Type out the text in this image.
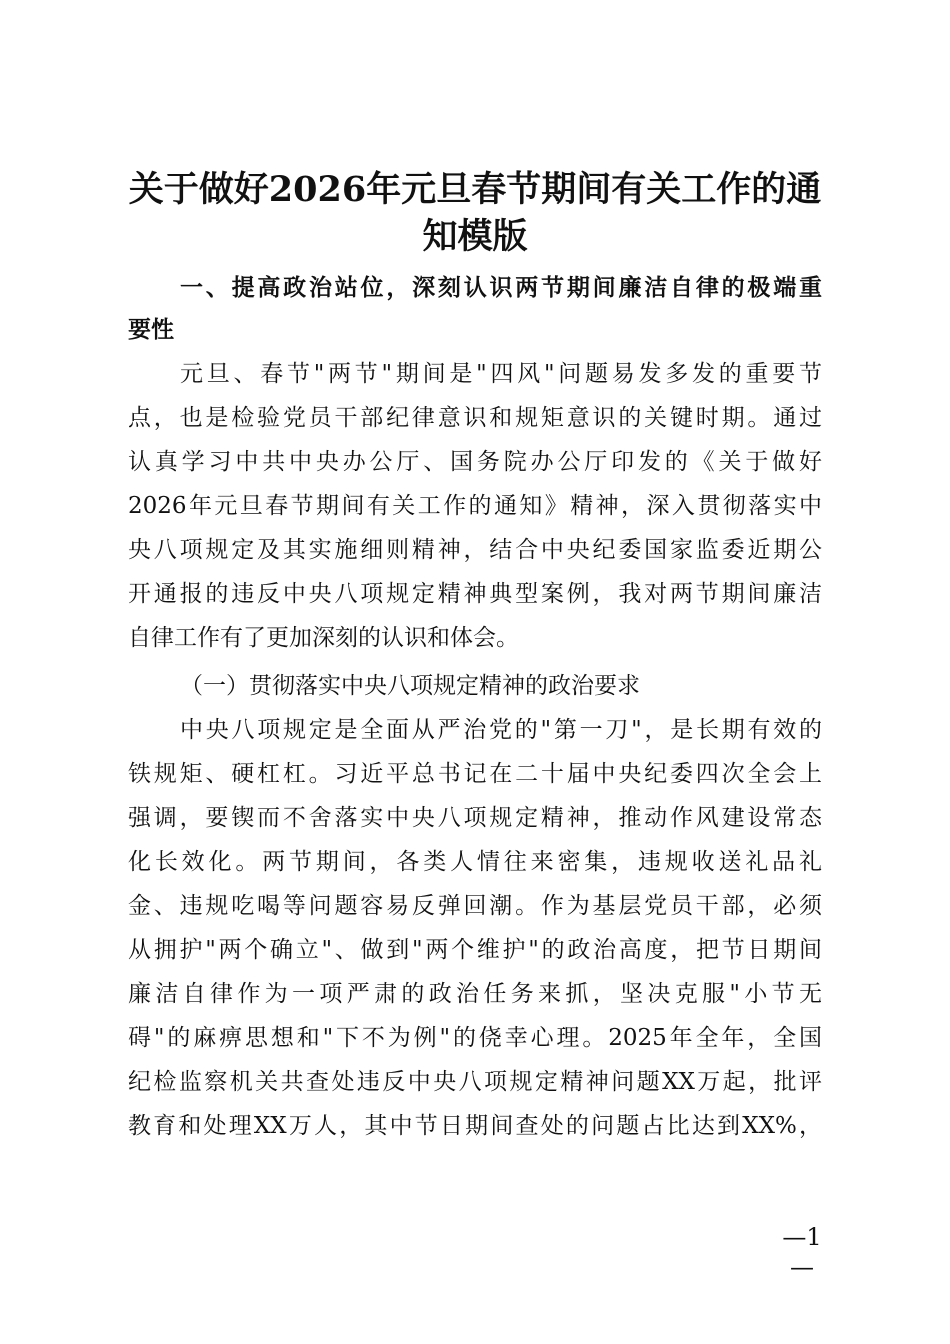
关于做好2026年元旦春节期间有关工作的通
知模版

一、提高政治站位，深刻认识两节期间廉洁自律的极端重

要性

元旦、春节"两节"期间是"四风"问题易发多发的重要节

点，也是检验党员干部纪律意识和规矩意识的关键时期。通过

认真学习中共中央办公厅、国务院办公厅印发的《关于做好

2026年元旦春节期间有关工作的通知》精神，深入贯彻落实中

央八项规定及其实施细则精神，结合中央纪委国家监委近期公

开通报的违反中央八项规定精神典型案例，我对两节期间廉洁

自律工作有了更加深刻的认识和体会。

（一）贯彻落实中央八项规定精神的政治要求

中央八项规定是全面从严治党的"第一刀"，是长期有效的

铁规矩、硬杠杠。习近平总书记在二十届中央纪委四次全会上

强调，要锲而不舍落实中央八项规定精神，推动作风建设常态

化长效化。两节期间，各类人情往来密集，违规收送礼品礼

金、违规吃喝等问题容易反弹回潮。作为基层党员干部，必须

从拥护"两个确立"、做到"两个维护"的政治高度，把节日期间

廉洁自律作为一项严肃的政治任务来抓，坚决克服"小节无

碍"的麻痹思想和"下不为例"的侥幸心理。2025年全年，全国

纪检监察机关共查处违反中央八项规定精神问题XX万起，批评

教育和处理XX万人，其中节日期间查处的问题占比达到XX%，

—1—
